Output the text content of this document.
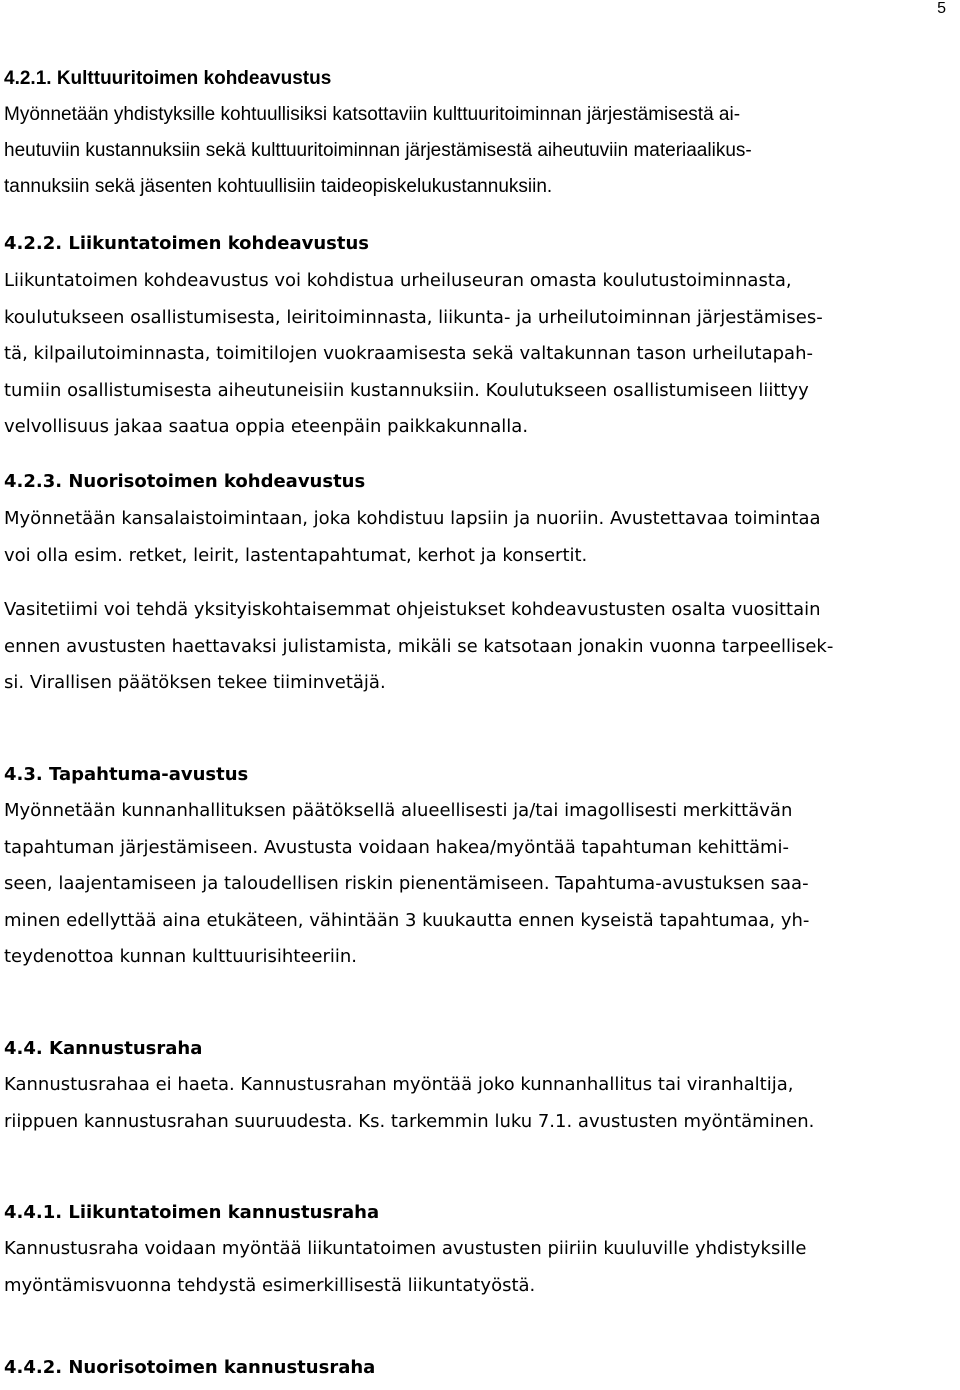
5
4.2.1. Kulttuuritoimen kohdeavustus
Myönnetään yhdistyksille kohtuullisiksi katsottaviin kulttuuritoiminnan järjestämisestä ai-
heutuviin kustannuksiin sekä kulttuuritoiminnan järjestämisestä aiheutuviin materiaalikus-
tannuksiin sekä jäsenten kohtuullisiin taideopiskelukustannuksiin.
4.2.2. Liikuntatoimen kohdeavustus
Liikuntatoimen kohdeavustus voi kohdistua urheiluseuran omasta koulutustoiminnasta,
koulutukseen osallistumisesta, leiritoiminnasta, liikunta- ja urheilutoiminnan järjestämises-
tä, kilpailutoiminnasta, toimitilojen vuokraamisesta sekä valtakunnan tason urheilutapah-
tumiin osallistumisesta aiheutuneisiin kustannuksiin. Koulutukseen osallistumiseen liittyy
velvollisuus jakaa saatua oppia eteenpäin paikkakunnalla.
4.2.3. Nuorisotoimen kohdeavustus
Myönnetään kansalaistoimintaan, joka kohdistuu lapsiin ja nuoriin. Avustettavaa toimintaa
voi olla esim. retket, leirit, lastentapahtumat, kerhot ja konsertit.
Vasitetiimi voi tehdä yksityiskohtaisemmat ohjeistukset kohdeavustusten osalta vuosittain
ennen avustusten haettavaksi julistamista, mikäli se katsotaan jonakin vuonna tarpeellisek-
si. Virallisen päätöksen tekee tiiminvetäjä.
4.3. Tapahtuma-avustus
Myönnetään kunnanhallituksen päätöksellä alueellisesti ja/tai imagollisesti merkittävän
tapahtuman järjestämiseen. Avustusta voidaan hakea/myöntää tapahtuman kehittämi-
seen, laajentamiseen ja taloudellisen riskin pienentämiseen. Tapahtuma-avustuksen saa-
minen edellyttää aina etukäteen, vähintään 3 kuukautta ennen kyseistä tapahtumaa, yh-
teydenottoa kunnan kulttuurisihteeriin.
4.4. Kannustusraha
Kannustusrahaa ei haeta. Kannustusrahan myöntää joko kunnanhallitus tai viranhaltija,
riippuen kannustusrahan suuruudesta. Ks. tarkemmin luku 7.1. avustusten myöntäminen.
4.4.1. Liikuntatoimen kannustusraha
Kannustusraha voidaan myöntää liikuntatoimen avustusten piiriin kuuluville yhdistyksille
myöntämisvuonna tehdystä esimerkillisestä liikuntatyöstä.
4.4.2. Nuorisotoimen kannustusraha
